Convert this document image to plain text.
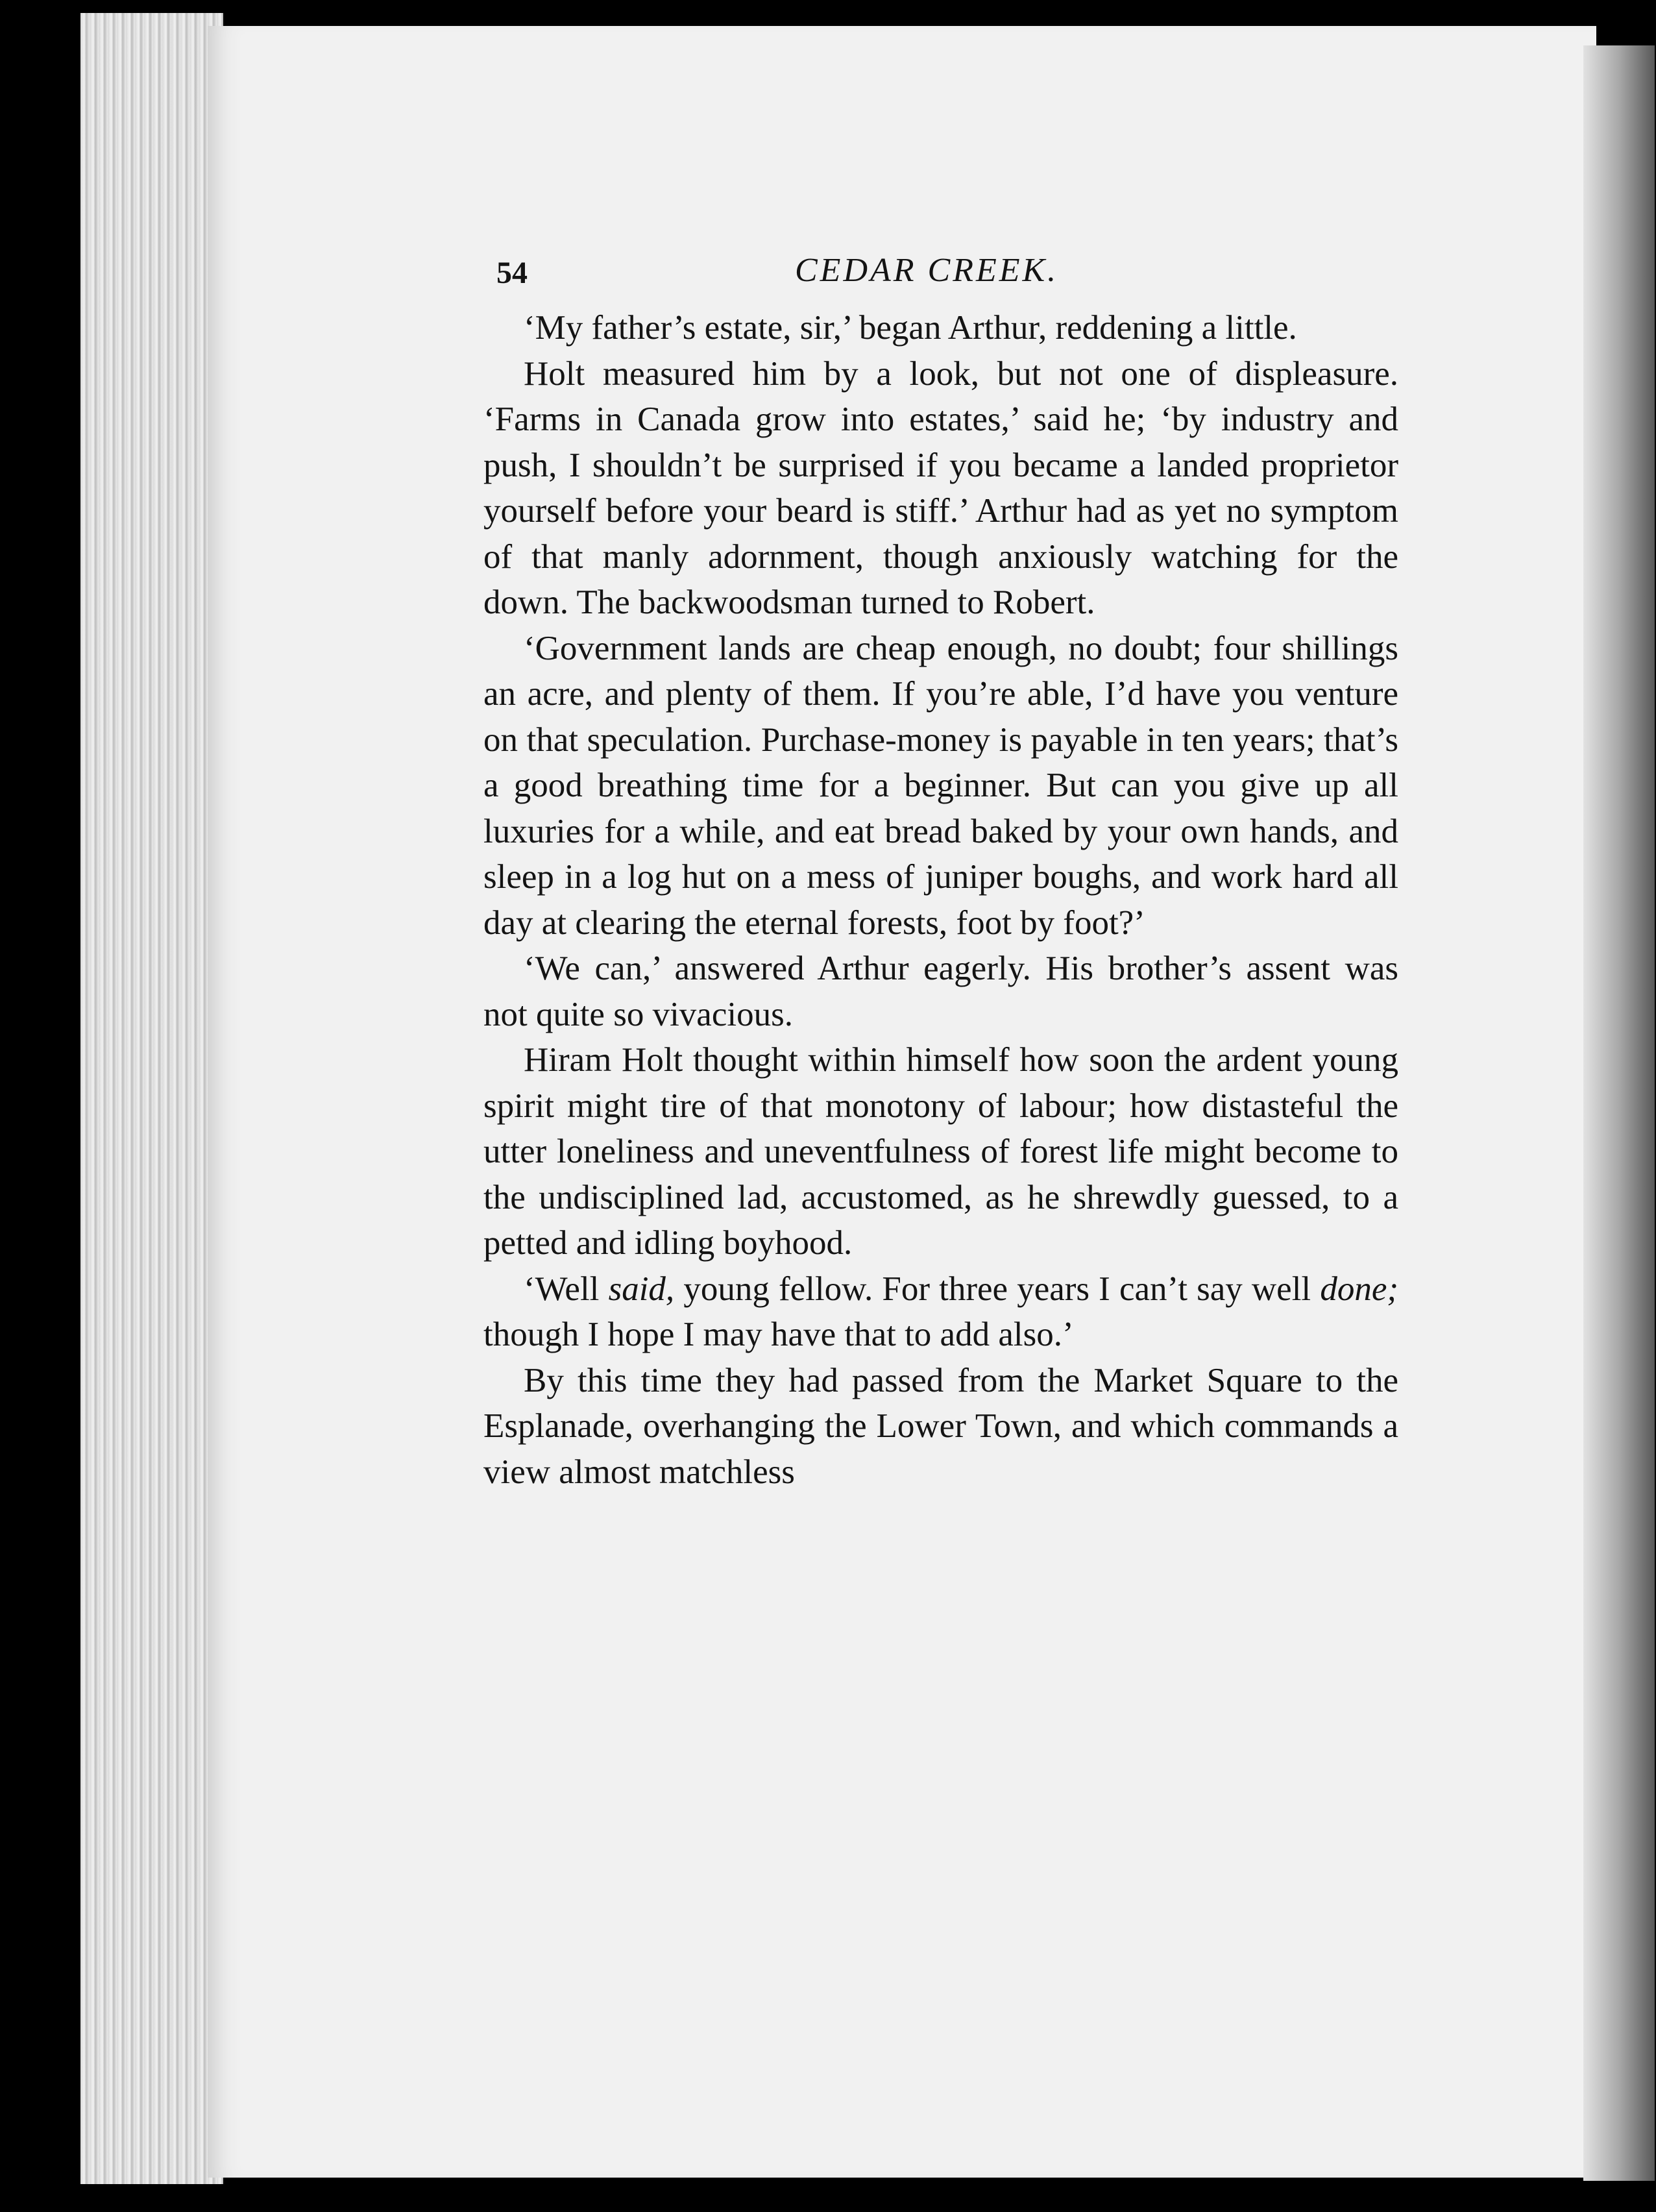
54	CEDAR CREEK.

‘My father’s estate, sir,’ began Arthur, reddening a little.

Holt measured him by a look, but not one of displeasure. ‘Farms in Canada grow into estates,’ said he; ‘by industry and push, I shouldn’t be surprised if you became a landed proprietor yourself before your beard is stiff.’ Arthur had as yet no symptom of that manly adornment, though anxiously watching for the down. The backwoodsman turned to Robert.

‘Government lands are cheap enough, no doubt; four shillings an acre, and plenty of them. If you’re able, I’d have you venture on that speculation. Purchase-money is payable in ten years; that’s a good breathing time for a beginner. But can you give up all luxuries for a while, and eat bread baked by your own hands, and sleep in a log hut on a mess of juniper boughs, and work hard all day at clearing the eternal forests, foot by foot?’

‘We can,’ answered Arthur eagerly. His brother’s assent was not quite so vivacious.

Hiram Holt thought within himself how soon the ardent young spirit might tire of that monotony of labour; how distasteful the utter loneliness and uneventfulness of forest life might become to the undisciplined lad, accustomed, as he shrewdly guessed, to a petted and idling boyhood.

‘Well said, young fellow. For three years I can’t say well done; though I hope I may have that to add also.’

By this time they had passed from the Market Square to the Esplanade, overhanging the Lower Town, and which commands a view almost matchless
